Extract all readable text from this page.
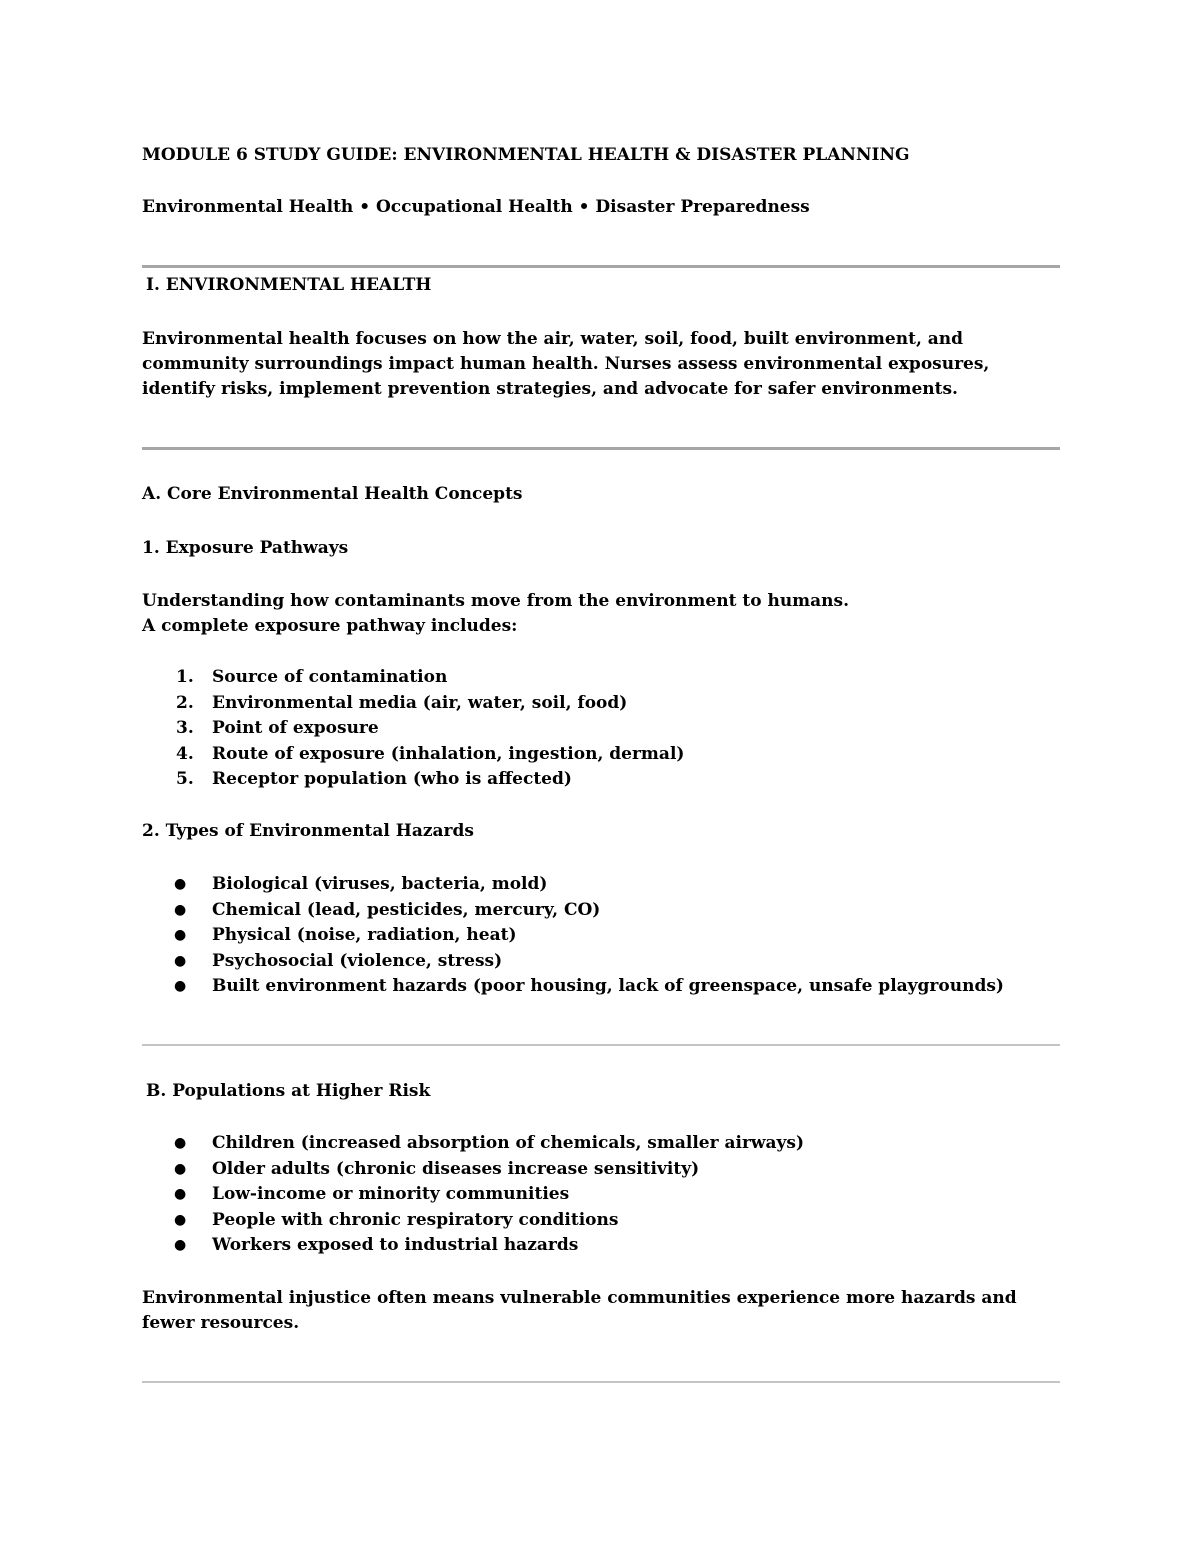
MODULE 6 STUDY GUIDE: ENVIRONMENTAL HEALTH & DISASTER PLANNING
Environmental Health • Occupational Health • Disaster Preparedness
I. ENVIRONMENTAL HEALTH
Environmental health focuses on how the air, water, soil, food, built environment, and community surroundings impact human health. Nurses assess environmental exposures, identify risks, implement prevention strategies, and advocate for safer environments.
A. Core Environmental Health Concepts
1. Exposure Pathways
Understanding how contaminants move from the environment to humans.
A complete exposure pathway includes:
1. Source of contamination
2. Environmental media (air, water, soil, food)
3. Point of exposure
4. Route of exposure (inhalation, ingestion, dermal)
5. Receptor population (who is affected)
2. Types of Environmental Hazards
● Biological (viruses, bacteria, mold)
● Chemical (lead, pesticides, mercury, CO)
● Physical (noise, radiation, heat)
● Psychosocial (violence, stress)
● Built environment hazards (poor housing, lack of greenspace, unsafe playgrounds)
B. Populations at Higher Risk
● Children (increased absorption of chemicals, smaller airways)
● Older adults (chronic diseases increase sensitivity)
● Low-income or minority communities
● People with chronic respiratory conditions
● Workers exposed to industrial hazards
Environmental injustice often means vulnerable communities experience more hazards and fewer resources.
